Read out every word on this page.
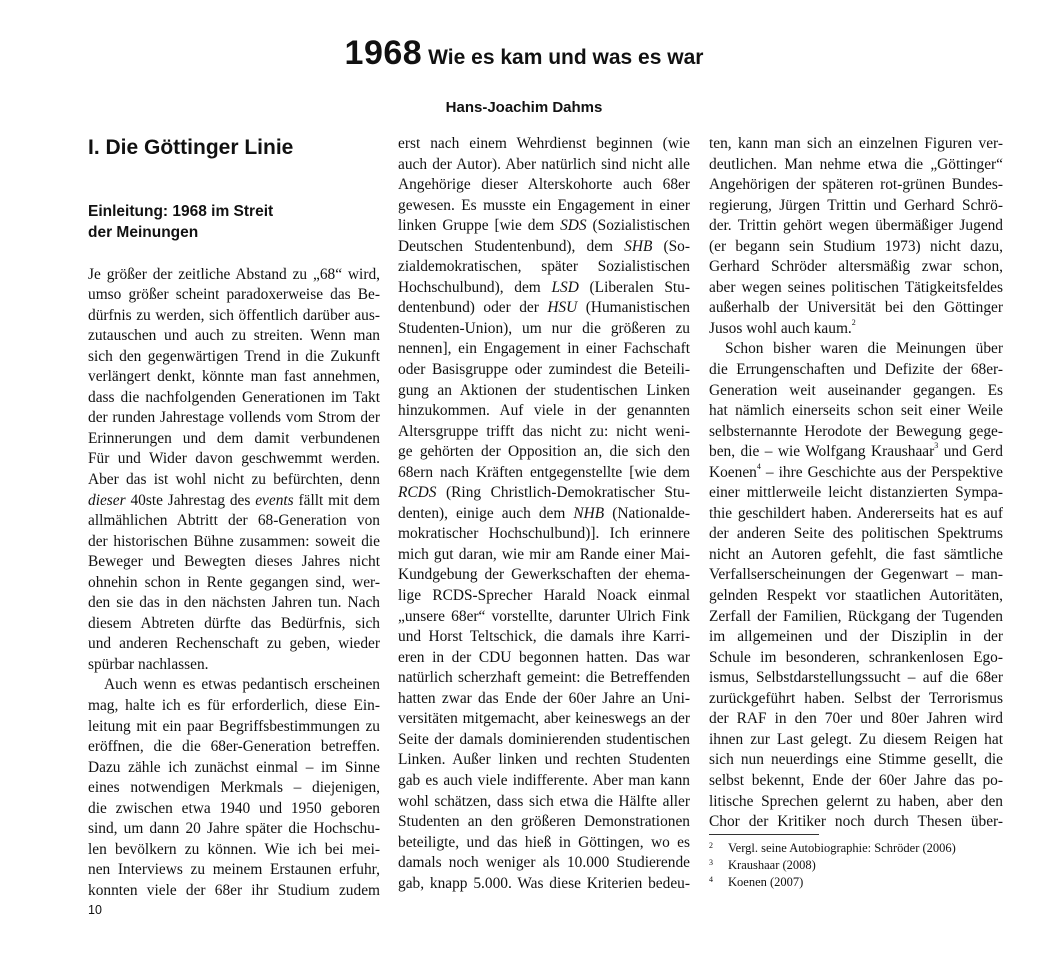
1968 Wie es kam und was es war
Hans-Joachim Dahms
I. Die Göttinger Linie
Einleitung: 1968 im Streit
der Meinungen

Je größer der zeitliche Abstand zu „68“ wird,

umso größer scheint paradoxerweise das Be-

dürfnis zu werden, sich öffentlich darüber aus-

zutauschen und auch zu streiten. Wenn man

sich den gegenwärtigen Trend in die Zukunft

verlängert denkt, könnte man fast annehmen,

dass die nachfolgenden Generationen im Takt

der runden Jahrestage vollends vom Strom der

Erinnerungen und dem damit verbundenen

Für und Wider davon geschwemmt werden.

Aber das ist wohl nicht zu befürchten, denn

dieser 40ste Jahrestag des events fällt mit dem

allmählichen Abtritt der 68-Generation von

der historischen Bühne zusammen: soweit die

Beweger und Bewegten dieses Jahres nicht

ohnehin schon in Rente gegangen sind, wer-

den sie das in den nächsten Jahren tun. Nach

diesem Abtreten dürfte das Bedürfnis, sich

und anderen Rechenschaft zu geben, wieder

spürbar nachlassen.

Auch wenn es etwas pedantisch erscheinen

mag, halte ich es für erforderlich, diese Ein-

leitung mit ein paar Begriffsbestimmungen zu

eröffnen, die die 68er-Generation betreffen.

Dazu zähle ich zunächst einmal – im Sinne

eines notwendigen Merkmals – diejenigen,

die zwischen etwa 1940 und 1950 geboren

sind, um dann 20 Jahre später die Hochschu-

len bevölkern zu können. Wie ich bei mei-

nen Interviews zu meinem Erstaunen erfuhr,

konnten viele der 68er ihr Studium zudem

erst nach einem Wehrdienst beginnen (wie

auch der Autor). Aber natürlich sind nicht alle

Angehörige dieser Alterskohorte auch 68er

gewesen. Es musste ein Engagement in einer

linken Gruppe [wie dem SDS (Sozialistischen

Deutschen Studentenbund), dem SHB (So-

zialdemokratischen, später Sozialistischen

Hochschulbund), dem LSD (Liberalen Stu-

dentenbund) oder der HSU (Humanistischen

Studenten-Union), um nur die größeren zu

nennen], ein Engagement in einer Fachschaft

oder Basisgruppe oder zumindest die Beteili-

gung an Aktionen der studentischen Linken

hinzukommen. Auf viele in der genannten

Altersgruppe trifft das nicht zu: nicht weni-

ge gehörten der Opposition an, die sich den

68ern nach Kräften entgegenstellte [wie dem

RCDS (Ring Christlich-Demokratischer Stu-

denten), einige auch dem NHB (Nationalde-

mokratischer Hochschulbund)]. Ich erinnere

mich gut daran, wie mir am Rande einer Mai-

Kundgebung der Gewerkschaften der ehema-

lige RCDS-Sprecher Harald Noack einmal

„unsere 68er“ vorstellte, darunter Ulrich Fink

und Horst Teltschick, die damals ihre Karri-

eren in der CDU begonnen hatten. Das war

natürlich scherzhaft gemeint: die Betreffenden

hatten zwar das Ende der 60er Jahre an Uni-

versitäten mitgemacht, aber keineswegs an der

Seite der damals dominierenden studentischen

Linken. Außer linken und rechten Studenten

gab es auch viele indifferente. Aber man kann

wohl schätzen, dass sich etwa die Hälfte aller

Studenten an den größeren Demonstrationen

beteiligte, und das hieß in Göttingen, wo es

damals noch weniger als 10.000 Studierende

gab, knapp 5.000. Was diese Kriterien bedeu-

ten, kann man sich an einzelnen Figuren ver-

deutlichen. Man nehme etwa die „Göttinger“

Angehörigen der späteren rot-grünen Bundes-

regierung, Jürgen Trittin und Gerhard Schrö-

der. Trittin gehört wegen übermäßiger Jugend

(er begann sein Studium 1973) nicht dazu,

Gerhard Schröder altersmäßig zwar schon,

aber wegen seines politischen Tätigkeitsfeldes

außerhalb der Universität bei den Göttinger

Jusos wohl auch kaum.$^2$

Schon bisher waren die Meinungen über

die Errungenschaften und Defizite der 68er-

Generation weit auseinander gegangen. Es

hat nämlich einerseits schon seit einer Weile

selbsternannte Herodote der Bewegung gege-

ben, die – wie Wolfgang Kraushaar$^3$ und Gerd

Koenen$^4$ – ihre Geschichte aus der Perspektive

einer mittlerweile leicht distanzierten Sympa-

thie geschildert haben. Andererseits hat es auf

der anderen Seite des politischen Spektrums

nicht an Autoren gefehlt, die fast sämtliche

Verfallserscheinungen der Gegenwart – man-

gelnden Respekt vor staatlichen Autoritäten,

Zerfall der Familien, Rückgang der Tugenden

im allgemeinen und der Disziplin in der

Schule im besonderen, schrankenlosen Ego-

ismus, Selbstdarstellungssucht – auf die 68er

zurückgeführt haben. Selbst der Terrorismus

der RAF in den 70er und 80er Jahren wird

ihnen zur Last gelegt. Zu diesem Reigen hat

sich nun neuerdings eine Stimme gesellt, die

selbst bekennt, Ende der 60er Jahre das po-

litische Sprechen gelernt zu haben, aber den

Chor der Kritiker noch durch Thesen über-

2	Vergl. seine Autobiographie: Schröder (2006)
3	Kraushaar (2008)
4	Koenen (2007)
10
